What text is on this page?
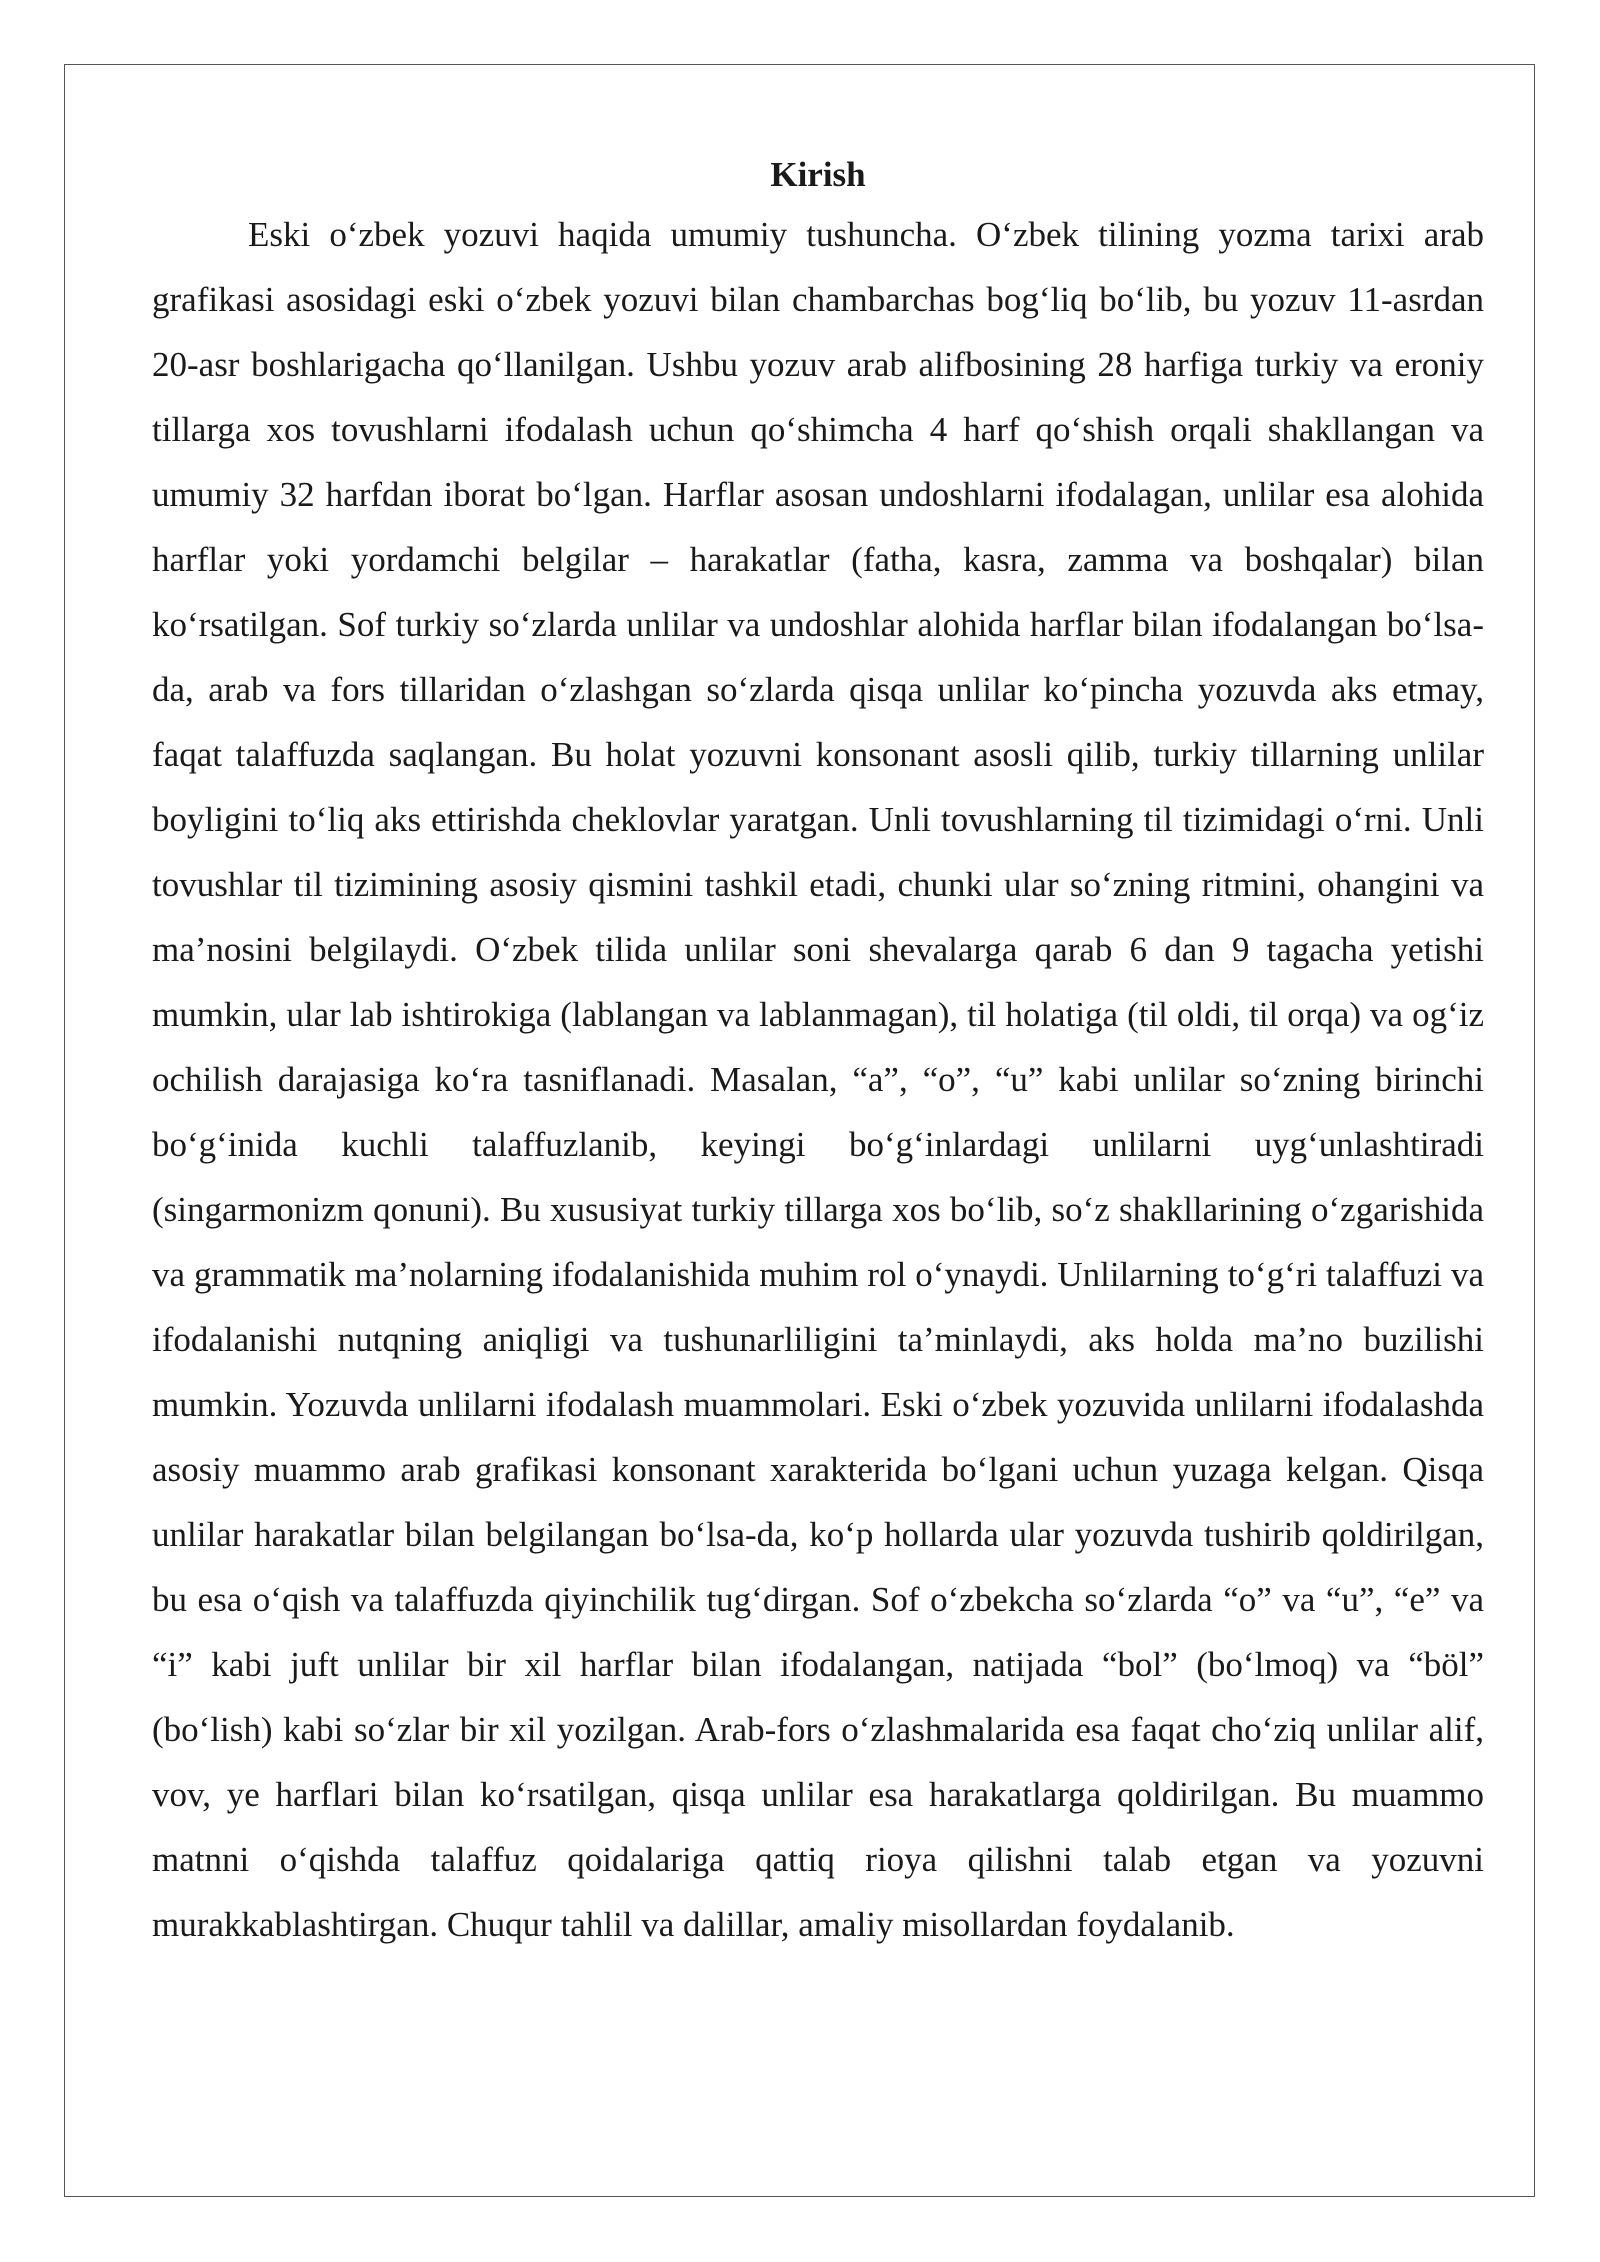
Kirish

Eski o‘zbek yozuvi haqida umumiy tushuncha. O‘zbek tilining yozma tarixi arab grafikasi asosidagi eski o‘zbek yozuvi bilan chambarchas bog‘liq bo‘lib, bu yozuv 11-asrdan 20-asr boshlarigacha qo‘llanilgan. Ushbu yozuv arab alifbosining 28 harfiga turkiy va eroniy tillarga xos tovushlarni ifodalash uchun qo‘shimcha 4 harf qo‘shish orqali shakllangan va umumiy 32 harfdan iborat bo‘lgan. Harflar asosan undoshlarni ifodalagan, unlilar esa alohida harflar yoki yordamchi belgilar – harakatlar (fatha, kasra, zamma va boshqalar) bilan ko‘rsatilgan. Sof turkiy so‘zlarda unlilar va undoshlar alohida harflar bilan ifodalangan bo‘lsa-da, arab va fors tillaridan o‘zlashgan so‘zlarda qisqa unlilar ko‘pincha yozuvda aks etmay, faqat talaffuzda saqlangan. Bu holat yozuvni konsonant asosli qilib, turkiy tillarning unlilar boyligini to‘liq aks ettirishda cheklovlar yaratgan. Unli tovushlarning til tizimidagi o‘rni. Unli tovushlar til tizimining asosiy qismini tashkil etadi, chunki ular so‘zning ritmini, ohangini va ma’nosini belgilaydi. O‘zbek tilida unlilar soni shevalarga qarab 6 dan 9 tagacha yetishi mumkin, ular lab ishtirokiga (lablangan va lablanmagan), til holatiga (til oldi, til orqa) va og‘iz ochilish darajasiga ko‘ra tasniflanadi. Masalan, “a”, “o”, “u” kabi unlilar so‘zning birinchi bo‘g‘inida kuchli talaffuzlanib, keyingi bo‘g‘inlardagi unlilarni uyg‘unlashtiradi (singarmonizm qonuni). Bu xususiyat turkiy tillarga xos bo‘lib, so‘z shakllarining o‘zgarishida va grammatik ma’nolarning ifodalanishida muhim rol o‘ynaydi. Unlilarning to‘g‘ri talaffuzi va ifodalanishi nutqning aniqligi va tushunarliligini ta’minlaydi, aks holda ma’no buzilishi mumkin. Yozuvda unlilarni ifodalash muammolari. Eski o‘zbek yozuvida unlilarni ifodalashda asosiy muammo arab grafikasi konsonant xarakterida bo‘lgani uchun yuzaga kelgan. Qisqa unlilar harakatlar bilan belgilangan bo‘lsa-da, ko‘p hollarda ular yozuvda tushirib qoldirilgan, bu esa o‘qish va talaffuzda qiyinchilik tug‘dirgan. Sof o‘zbekcha so‘zlarda “o” va “u”, “e” va “i” kabi juft unlilar bir xil harflar bilan ifodalangan, natijada “bol” (bo‘lmoq) va “böl” (bo‘lish) kabi so‘zlar bir xil yozilgan. Arab-fors o‘zlashmalarida esa faqat cho‘ziq unlilar alif, vov, ye harflari bilan ko‘rsatilgan, qisqa unlilar esa harakatlarga qoldirilgan. Bu muammo matnni o‘qishda talaffuz qoidalariga qattiq rioya qilishni talab etgan va yozuvni murakkablashtirgan. Chuqur tahlil va dalillar, amaliy misollardan foydalanib.
